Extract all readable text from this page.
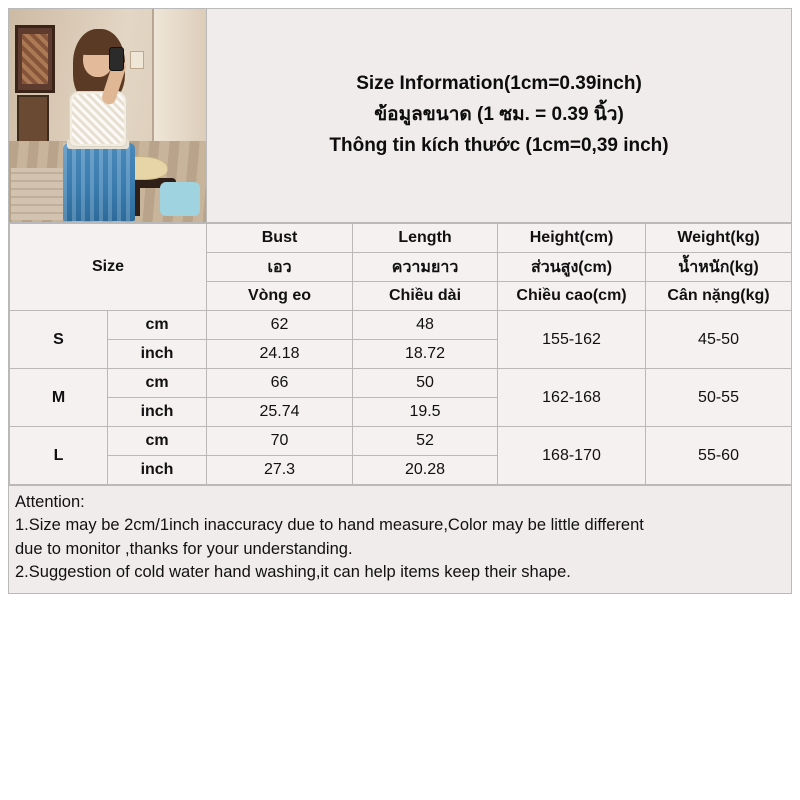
Size Information(1cm=0.39inch)
ข้อมูลขนาด (1 ซม. = 0.39 นิ้ว)
Thông tin kích thước (1cm=0,39 inch)
Size		Bust	Length	Height(cm)	Weight(kg)
		เอว	ความยาว	ส่วนสูง(cm)	น้ำหนัก(kg)
		Vòng eo	Chiều dài	Chiều cao(cm)	Cân nặng(kg)
S	cm	62	48	155-162	45-50
	inch	24.18	18.72		
M	cm	66	50	162-168	50-55
	inch	25.74	19.5		
L	cm	70	52	168-170	55-60
	inch	27.3	20.28		
Attention:
1.Size may be 2cm/1inch inaccuracy due to hand measure,Color may be little different
due to monitor ,thanks for your understanding.
2.Suggestion of cold water hand washing,it can help items keep their shape.
